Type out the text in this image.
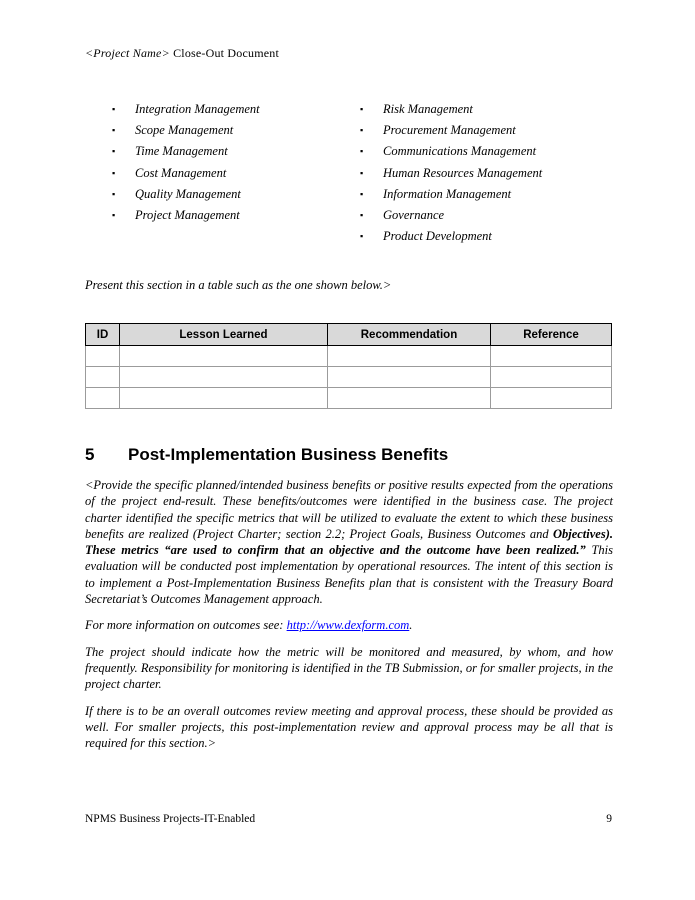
<Project Name> Close-Out Document
▪	Integration Management
▪	Scope Management
▪	Time Management
▪	Cost Management
▪	Quality Management
▪	Project Management
▪	Risk Management
▪	Procurement Management
▪	Communications Management
▪	Human Resources Management
▪	Information Management
▪	Governance
▪	Product Development
Present this section in a table such as the one shown below.>
ID	Lesson Learned	Recommendation	Reference

5	Post-Implementation Business Benefits

<Provide the specific planned/intended business benefits or positive results expected from the operations of the project end-result. These benefits/outcomes were identified in the business case. The project charter identified the specific metrics that will be utilized to evaluate the extent to which these business benefits are realized (Project Charter; section 2.2; Project Goals, Business Outcomes and Objectives). These metrics “are used to confirm that an objective and the outcome have been realized.” This evaluation will be conducted post implementation by operational resources. The intent of this section is to implement a Post-Implementation Business Benefits plan that is consistent with the Treasury Board Secretariat’s Outcomes Management approach.

For more information on outcomes see: http://www.dexform.com.

The project should indicate how the metric will be monitored and measured, by whom, and how frequently. Responsibility for monitoring is identified in the TB Submission, or for smaller projects, in the project charter.

If there is to be an overall outcomes review meeting and approval process, these should be provided as well. For smaller projects, this post-implementation review and approval process may be all that is required for this section.>

NPMS Business Projects-IT-Enabled	9
